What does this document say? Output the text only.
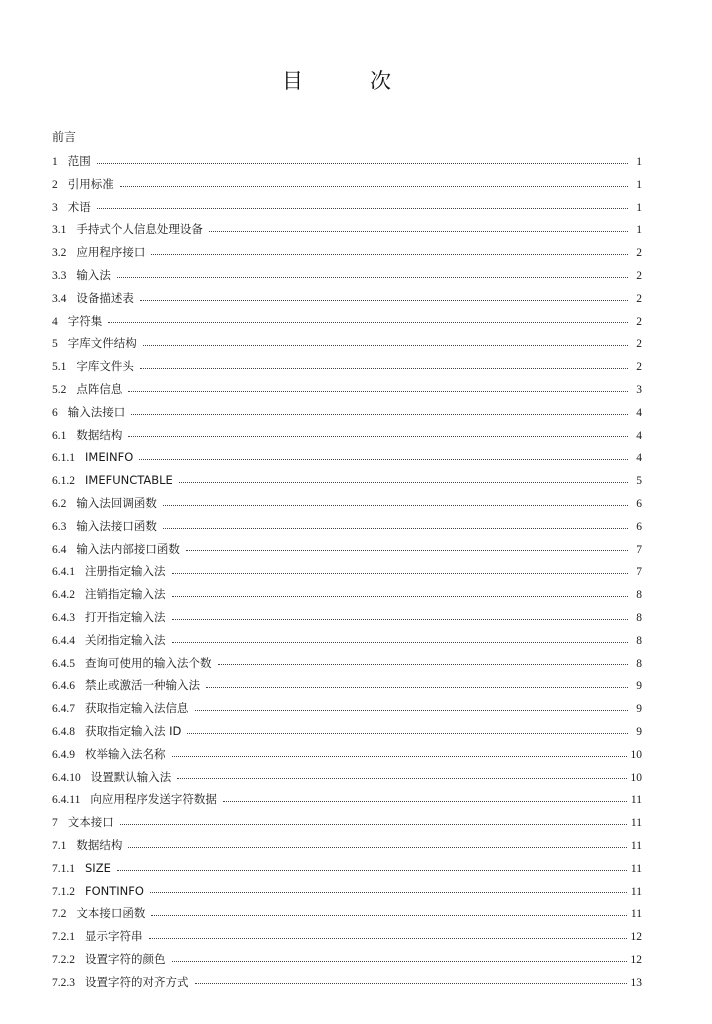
目	次
前言
1 范围	1
2 引用标准	1
3 术语	1
3.1 手持式个人信息处理设备	1
3.2 应用程序接口	2
3.3 输入法	2
3.4 设备描述表	2
4 字符集	2
5 字库文件结构	2
5.1 字库文件头	2
5.2 点阵信息	3
6 输入法接口	4
6.1 数据结构	4
6.1.1 IMEINFO	4
6.1.2 IMEFUNCTABLE	5
6.2 输入法回调函数	6
6.3 输入法接口函数	6
6.4 输入法内部接口函数	7
6.4.1 注册指定输入法	7
6.4.2 注销指定输入法	8
6.4.3 打开指定输入法	8
6.4.4 关闭指定输入法	8
6.4.5 查询可使用的输入法个数	8
6.4.6 禁止或激活一种输入法	9
6.4.7 获取指定输入法信息	9
6.4.8 获取指定输入法 ID	9
6.4.9 枚举输入法名称	10
6.4.10 设置默认输入法	10
6.4.11 向应用程序发送字符数据	11
7 文本接口	11
7.1 数据结构	11
7.1.1 SIZE	11
7.1.2 FONTINFO	11
7.2 文本接口函数	11
7.2.1 显示字符串	12
7.2.2 设置字符的颜色	12
7.2.3 设置字符的对齐方式	13
